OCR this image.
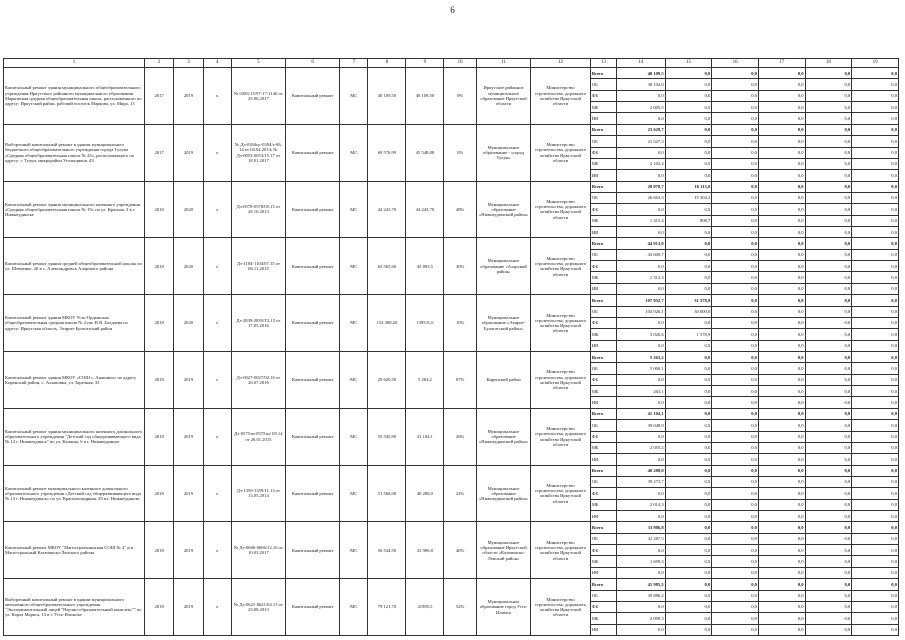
6
1	2	3	4	5	6	7	8	9	10	11	12	13	14	15	16	17	18	19
Капитальный ремонт здания муниципального общеобразовательного учреждения Иркутского районного муниципального образования Марковская средняя общеобразовательная школа, расположенного по адресу: Иркутский район, рабочий поселок Маркова, ул. Мира, 13	2017	2019	х	№ 0283-15/97-17-1140 от 25.06.2017	Капитальный ремонт	МС	40 109,50	40 109,50	0%	Иркутское районное муниципальное образование Иркутской области	Министерство строительства, дорожного хозяйства Иркутской области	Всего	40 109,5	0,0	0,0	0,0	0,0	0,0
												ОБ	38 104,0	0,0	0,0	0,0	0,0	0,0
												ФБ	0,0	0,0	0,0	0,0	0,0	0,0
												МБ	2 005,5	0,0	0,0	0,0	0,0	0,0
												ИИ	0,0	0,0	0,0	0,0	0,0	0,0
Выборочный капитальный ремонт в здании муниципального бюджетного общеобразовательного учреждения города Тулуна «Средняя общеобразовательная школа № 25», расположенного по адресу: г. Тулун, микрорайон Угольщиков, 43	2017	2019	х	№ Дз-0394цс-0394/т-86, 14 от 04.04.2014; № Дз-0053-0053/15.17 от 18.01.2017	Капитальный ремонт	МС	69 576,99	45 548,88	0%	Муниципальное образование - «город Тулун»	Министерство строительства, дорожного хозяйства Иркутской области	Всего	23 629,7	0,0	0,0	0,0	0,0	0,0
												ОБ	21 527,3	0,0	0,0	0,0	0,0	0,0
												ФБ	0,0	0,0	0,0	0,0	0,0	0,0
												МБ	2 102,4	0,0	0,0	0,0	0,0	0,0
												ИИ	0,0	0,0	0,0	0,0	0,0	0,0
Капитальный ремонт здания муниципального казенного учреждения «Средняя общеобразовательная школа № 19» по ул. Красная, 3 в г. Нижнеудинске	2018	2020	х	Дз-0578-0578/05.15 от 28.10.2013	Капитальный ремонт	МС	44 243,70	44 243,70	48%	Муниципальное образование «Нижнеудинский район»	Министерство строительства, дорожного хозяйства Иркутской области	Всего	28 078,7	16 113,0	0,0	0,0	0,0	0,0
												ОБ	26 663,3	15 304,3	0,0	0,0	0,0	0,0
												ФБ	0,0	0,0	0,0	0,0	0,0	0,0
												МБ	1 415,4	808,7	0,0	0,0	0,0	0,0
												ИИ	0,0	0,0	0,0	0,0	0,0	0,0
Капитальный ремонт здания средней общеобразовательной школы по ул. Шевченко, 26 в с. Александровск Аларского района	2018	2020	х	Дз-1104-1104/07.15 от 06.11.2013	Капитальный ремонт	МС	63 565,60	45 893,5	30%	Муниципальное образование «Аларский район»	Министерство строительства, дорожного хозяйства Иркутской области	Всего	44 913,0	0,0	0,0	0,0	0,0	0,0
												ОБ	43 600,7	0,0	0,0	0,0	0,0	0,0
												ФБ	0,0	0,0	0,0	0,0	0,0	0,0
												МБ	1 312,3	0,0	0,0	0,0	0,0	0,0
												ИИ	0,0	0,0	0,0	0,0	0,0	0,0
Капитальный ремонт здания МКОУ Усть-Ордынская общеобразовательная средняя школа № 2 им. В.В. Балдаева по адресу: Иркутская область, Эхирит-Булагатский район	2018	2020	х	Дз-2839-2839/Т2.15 от 17.05.2016	Капитальный ремонт	МС	154 388,20	139531,6	10%	Муниципальное образование «Эхирит-Булагатский район»	Министерство строительства, дорожного хозяйства Иркутской области	Всего	107 952,7	31 578,9	0,0	0,0	0,0	0,0
												ОБ	104 926,1	30 000,0	0,0	0,0	0,0	0,0
												ФБ	0,0	0,0	0,0	0,0	0,0	0,0
												МБ	3 026,6	1 578,9	0,0	0,0	0,0	0,0
												ИИ	0,0	0,0	0,0	0,0	0,0	0,0
Капитальный ремонт здания МКОУ «СОШ с. Анашино» по адресу Киренский район, с. Алымовка, ул. Заречная, 33	2018	2019	х	Дз-0027-0027/02.16 от 26.07.2016	Капитальный ремонт	МС	29 620,50	5 263,2	87%	Киренский район	Министерство строительства, дорожного хозяйства Иркутской области	Всего	5 263,2	0,0	0,0	0,0	0,0	0,0
												ОБ	5 000,1	0,0	0,0	0,0	0,0	0,0
												ФБ	0,0	0,0	0,0	0,0	0,0	0,0
												МБ	263,1	0,0	0,0	0,0	0,0	0,0
												ИИ	0,0	0,0	0,0	0,0	0,0	0,0
Капитальный ремонт здания муниципального казенного дошкольного образовательного учреждения "Детский сад общеразвивающего вида № 12 г. Нижнеудинск" по ул. Кашина, 6 в г. Нижнеудинске	2018	2019	х	Дз-0575тн-0575тн/ 09.14 от 26.01.2015	Капитальный ремонт	МС	55 545,90	41 104,1	26%	Муниципальное образование «Нижнеудинский район»	Министерство строительства, дорожного хозяйства Иркутской области	Всего	41 104,1	0,0	0,0	0,0	0,0	0,0
												ОБ	39 048,9	0,0	0,0	0,0	0,0	0,0
												ФБ	0,0	0,0	0,0	0,0	0,0	0,0
												МБ	2 055,2	0,0	0,0	0,0	0,0	0,0
												ИИ	0,0	0,0	0,0	0,0	0,0	0,0
Капитальный ремонт муниципального казенного дошкольного образовательного учреждения «Детский сад общеразвивающего вида № 13 г. Нижнеудинск» по ул. Краснопожарная, 29 в г. Нижнеудинске	2018	2019	х	Дз-1359-1359/11.13 от 13.05.2014	Капитальный ремонт	МС	51 568,00	40 288,0	22%	Муниципальное образование «Нижнеудинский район»	Министерство строительства, дорожного хозяйства Иркутской области	Всего	40 288,0	0,0	0,0	0,0	0,0	0,0
												ОБ	39 273,7	0,0	0,0	0,0	0,0	0,0
												ФБ	0,0	0,0	0,0	0,0	0,0	0,0
												МБ	2 014,3	0,0	0,0	0,0	0,0	0,0
												ИИ	0,0	0,0	0,0	0,0	0,0	0,0
Капитальный ремонт МКОУ "Магистральнинская СОШ № 2" р.п. Магистральный Казачинско-Ленского района	2018	2019	х	№ Дз-0606-0606/12.16 от 10.03.2017	Капитальный ремонт	МС	56 544,50	33 986,8	40%	Муниципальное образование Иркутской области «Казачинско-Ленский район»	Министерство строительства, дорожного хозяйства Иркутской области	Всего	33 986,8	0,0	0,0	0,0	0,0	0,0
												ОБ	32 287,5	0,0	0,0	0,0	0,0	0,0
												ФБ	0,0	0,0	0,0	0,0	0,0	0,0
												МБ	1 699,3	0,0	0,0	0,0	0,0	0,0
												ИИ	0,0	0,0	0,0	0,0	0,0	0,0
Выборочный капитальный ремонт в здании муниципального автономного общеобразовательного учреждения "Экспериментальный лицей "Научно-образовательный комплекс"" по ул. Карла Маркса, 13 в г. Усть-Илимске	2018	2019	х	№ Дз-0621-0621/04.13 от 23.08.2013	Капитальный ремонт	МС	79 121,70	41985,5	52%	Муниципальное образование город Усть-Илимск	Министерство строительства, дорожного хозяйства Иркутской области	Всего	41 985,5	0,0	0,0	0,0	0,0	0,0
												ОБ	39 886,2	0,0	0,0	0,0	0,0	0,0
												ФБ	0,0	0,0	0,0	0,0	0,0	0,0
												МБ	2 099,3	0,0	0,0	0,0	0,0	0,0
												ИИ	0,0	0,0	0,0	0,0	0,0	0,0
